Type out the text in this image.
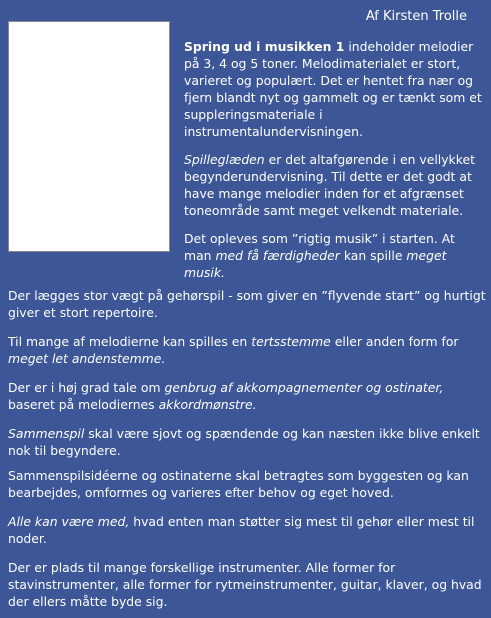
Af Kirsten Trolle

Spring ud i musikken 1 indeholder melodier på 3, 4 og 5 toner. Melodimaterialet er stort, varieret og populært. Det er hentet fra nær og fjern blandt nyt og gammelt og er tænkt som et suppleringsmateriale i instrumentalundervisningen.

Spilleglæden er det altafgørende i en vellykket begynderundervisning. Til dette er det godt at have mange melodier inden for et afgrænset toneområde samt meget velkendt materiale.

Det opleves som ”rigtig musik” i starten. At man med få færdigheder kan spille meget musik.

Der lægges stor vægt på gehørspil - som giver en ”flyvende start” og hurtigt giver et stort repertoire.

Til mange af melodierne kan spilles en tertsstemme eller anden form for meget let andenstemme.

Der er i høj grad tale om genbrug af akkompagnementer og ostinater, baseret på melodiernes akkordmønstre.

Sammenspil skal være sjovt og spændende og kan næsten ikke blive enkelt nok til begyndere.

Sammenspilsidéerne og ostinaterne skal betragtes som byggesten og kan bearbejdes, omformes og varieres efter behov og eget hoved.

Alle kan være med, hvad enten man støtter sig mest til gehør eller mest til noder.

Der er plads til mange forskellige instrumenter. Alle former for stavinstrumenter, alle former for rytmeinstrumenter, guitar, klaver, og hvad der ellers måtte byde sig.
